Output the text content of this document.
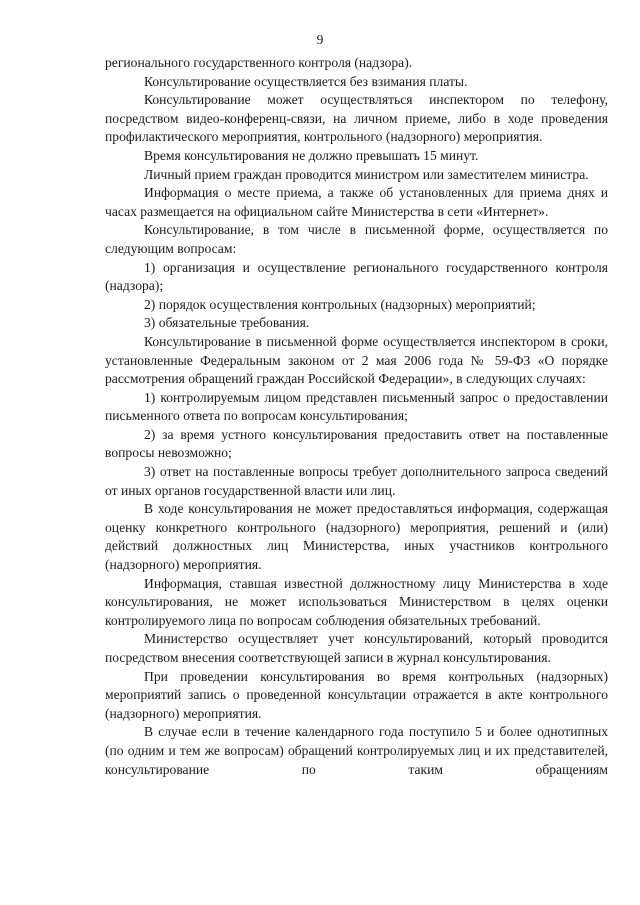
9

регионального государственного контроля (надзора).

Консультирование осуществляется без взимания платы.

Консультирование может осуществляться инспектором по телефону, посредством видео-конференц-связи, на личном приеме, либо в ходе проведения профилактического мероприятия, контрольного (надзорного) мероприятия.

Время консультирования не должно превышать 15 минут.

Личный прием граждан проводится министром или заместителем министра.

Информация о месте приема, а также об установленных для приема днях и часах размещается на официальном сайте Министерства в сети «Интернет».

Консультирование, в том числе в письменной форме, осуществляется по следующим вопросам:

1) организация и осуществление регионального государственного контроля (надзора);

2) порядок осуществления контрольных (надзорных) мероприятий;

3) обязательные требования.

Консультирование в письменной форме осуществляется инспектором в сроки, установленные Федеральным законом от 2 мая 2006 года № 59-ФЗ «О порядке рассмотрения обращений граждан Российской Федерации», в следующих случаях:

1) контролируемым лицом представлен письменный запрос о предоставлении письменного ответа по вопросам консультирования;

2) за время устного консультирования предоставить ответ на поставленные вопросы невозможно;

3) ответ на поставленные вопросы требует дополнительного запроса сведений от иных органов государственной власти или лиц.

В ходе консультирования не может предоставляться информация, содержащая оценку конкретного контрольного (надзорного) мероприятия, решений и (или) действий должностных лиц Министерства, иных участников контрольного (надзорного) мероприятия.

Информация, ставшая известной должностному лицу Министерства в ходе консультирования, не может использоваться Министерством в целях оценки контролируемого лица по вопросам соблюдения обязательных требований.

Министерство осуществляет учет консультирований, который проводится посредством внесения соответствующей записи в журнал консультирования.

При проведении консультирования во время контрольных (надзорных) мероприятий запись о проведенной консультации отражается в акте контрольного (надзорного) мероприятия.

В случае если в течение календарного года поступило 5 и более однотипных (по одним и тем же вопросам) обращений контролируемых лиц и их представителей, консультирование по таким обращениям
